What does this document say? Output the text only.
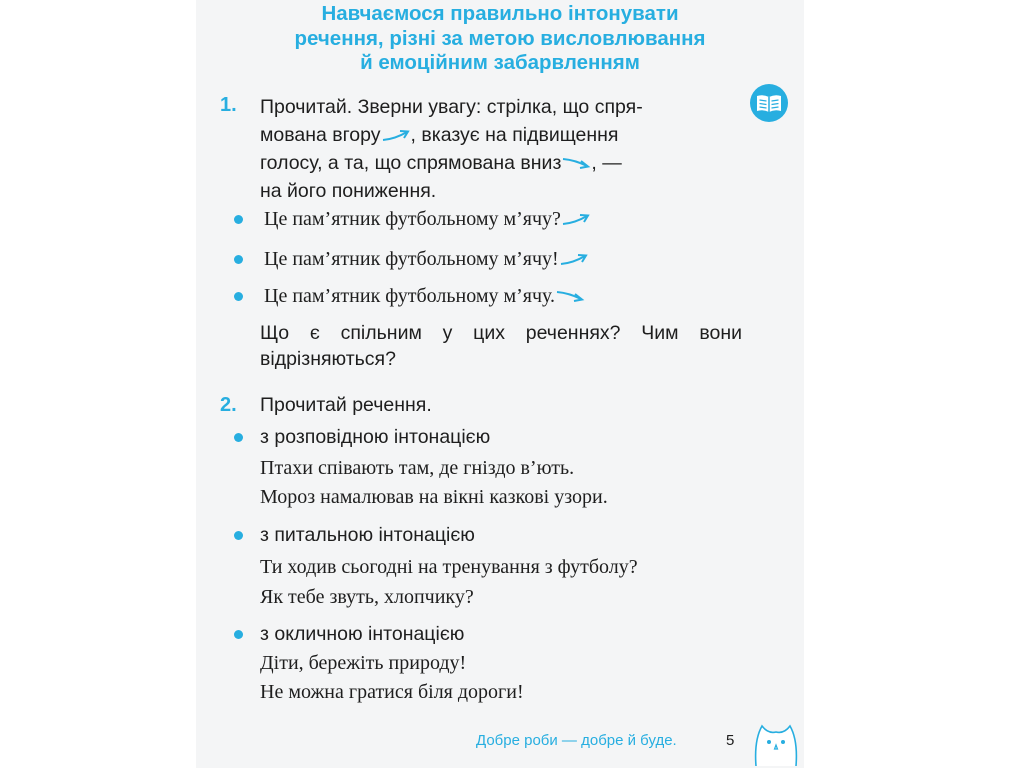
Навчаємося правильно інтонувати
речення, різні за метою висловлювання
й емоційним забарвленням
1. Прочитай. Зверни увагу: стрілка, що спря-
мована вгору , вказує на підвищення
голосу, а та, що спрямована вниз , —
на його пониження.
Це пам’ятник футбольному м’ячу?
Це пам’ятник футбольному м’ячу!
Це пам’ятник футбольному м’ячу.
Що є спільним у цих реченнях? Чим вони відрізняються?
2. Прочитай речення.
з розповідною інтонацією
Птахи співають там, де гніздо в’ють.
Мороз намалював на вікні казкові узори.
з питальною інтонацією
Ти ходив сьогодні на тренування з футболу?
Як тебе звуть, хлопчику?
з окличною інтонацією
Діти, бережіть природу!
Не можна гратися біля дороги!
Добре роби — добре й буде.	5
